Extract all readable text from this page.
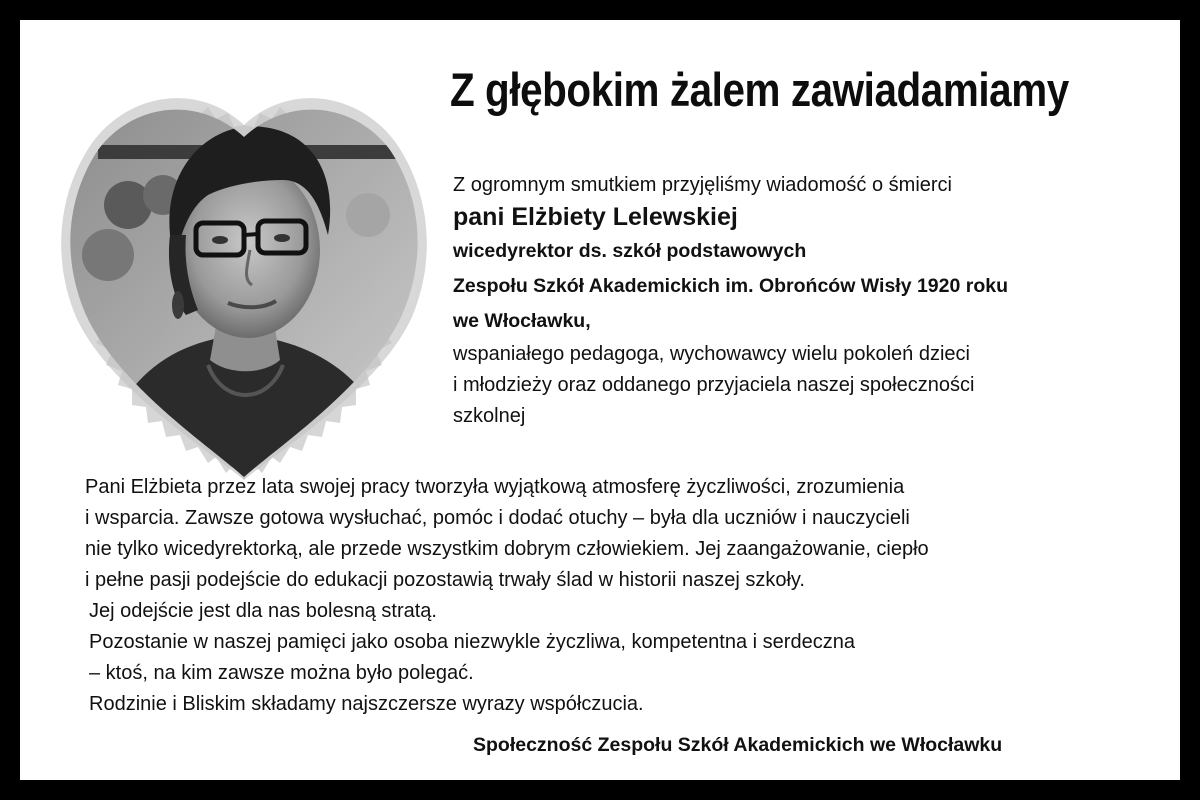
Z głębokim żalem zawiadamiamy
Z ogromnym smutkiem przyjęliśmy wiadomość o śmierci
pani Elżbiety Lelewskiej
wicedyrektor ds. szkół podstawowych
Zespołu Szkół Akademickich im. Obrońców Wisły 1920 roku
we Włocławku,
wspaniałego pedagoga, wychowawcy wielu pokoleń dzieci
i młodzieży oraz oddanego przyjaciela naszej społeczności
szkolnej
Pani Elżbieta przez lata swojej pracy tworzyła wyjątkową atmosferę życzliwości, zrozumienia
i wsparcia. Zawsze gotowa wysłuchać, pomóc i dodać otuchy – była dla uczniów i nauczycieli
nie tylko wicedyrektorką, ale przede wszystkim dobrym człowiekiem. Jej zaangażowanie, ciepło
i pełne pasji podejście do edukacji pozostawią trwały ślad w historii naszej szkoły.
Jej odejście jest dla nas bolesną stratą.
Pozostanie w naszej pamięci jako osoba niezwykle życzliwa, kompetentna i serdeczna
– ktoś, na kim zawsze można było polegać.
Rodzinie i Bliskim składamy najszczersze wyrazy współczucia.
Społeczność Zespołu Szkół Akademickich we Włocławku
